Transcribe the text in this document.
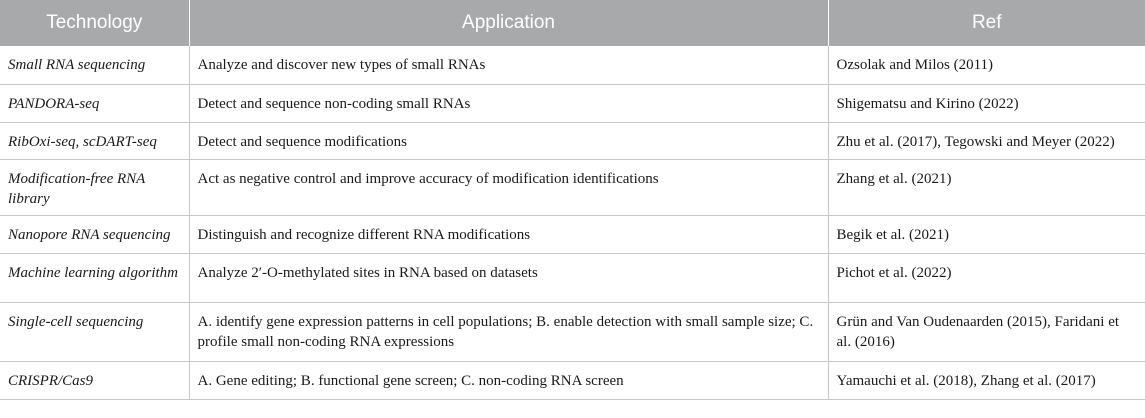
Technology	Application	Ref
Small RNA sequencing	Analyze and discover new types of small RNAs	Ozsolak and Milos (2011)
PANDORA-seq	Detect and sequence non-coding small RNAs	Shigematsu and Kirino (2022)
RibOxi-seq, scDART-seq	Detect and sequence modifications	Zhu et al. (2017), Tegowski and Meyer (2022)
Modification-free RNA library	Act as negative control and improve accuracy of modification identifications	Zhang et al. (2021)
Nanopore RNA sequencing	Distinguish and recognize different RNA modifications	Begik et al. (2021)
Machine learning algorithm	Analyze 2′-O-methylated sites in RNA based on datasets	Pichot et al. (2022)
Single-cell sequencing	A. identify gene expression patterns in cell populations; B. enable detection with small sample size; C. profile small non-coding RNA expressions	Grün and Van Oudenaarden (2015), Faridani et al. (2016)
CRISPR/Cas9	A. Gene editing; B. functional gene screen; C. non-coding RNA screen	Yamauchi et al. (2018), Zhang et al. (2017)
